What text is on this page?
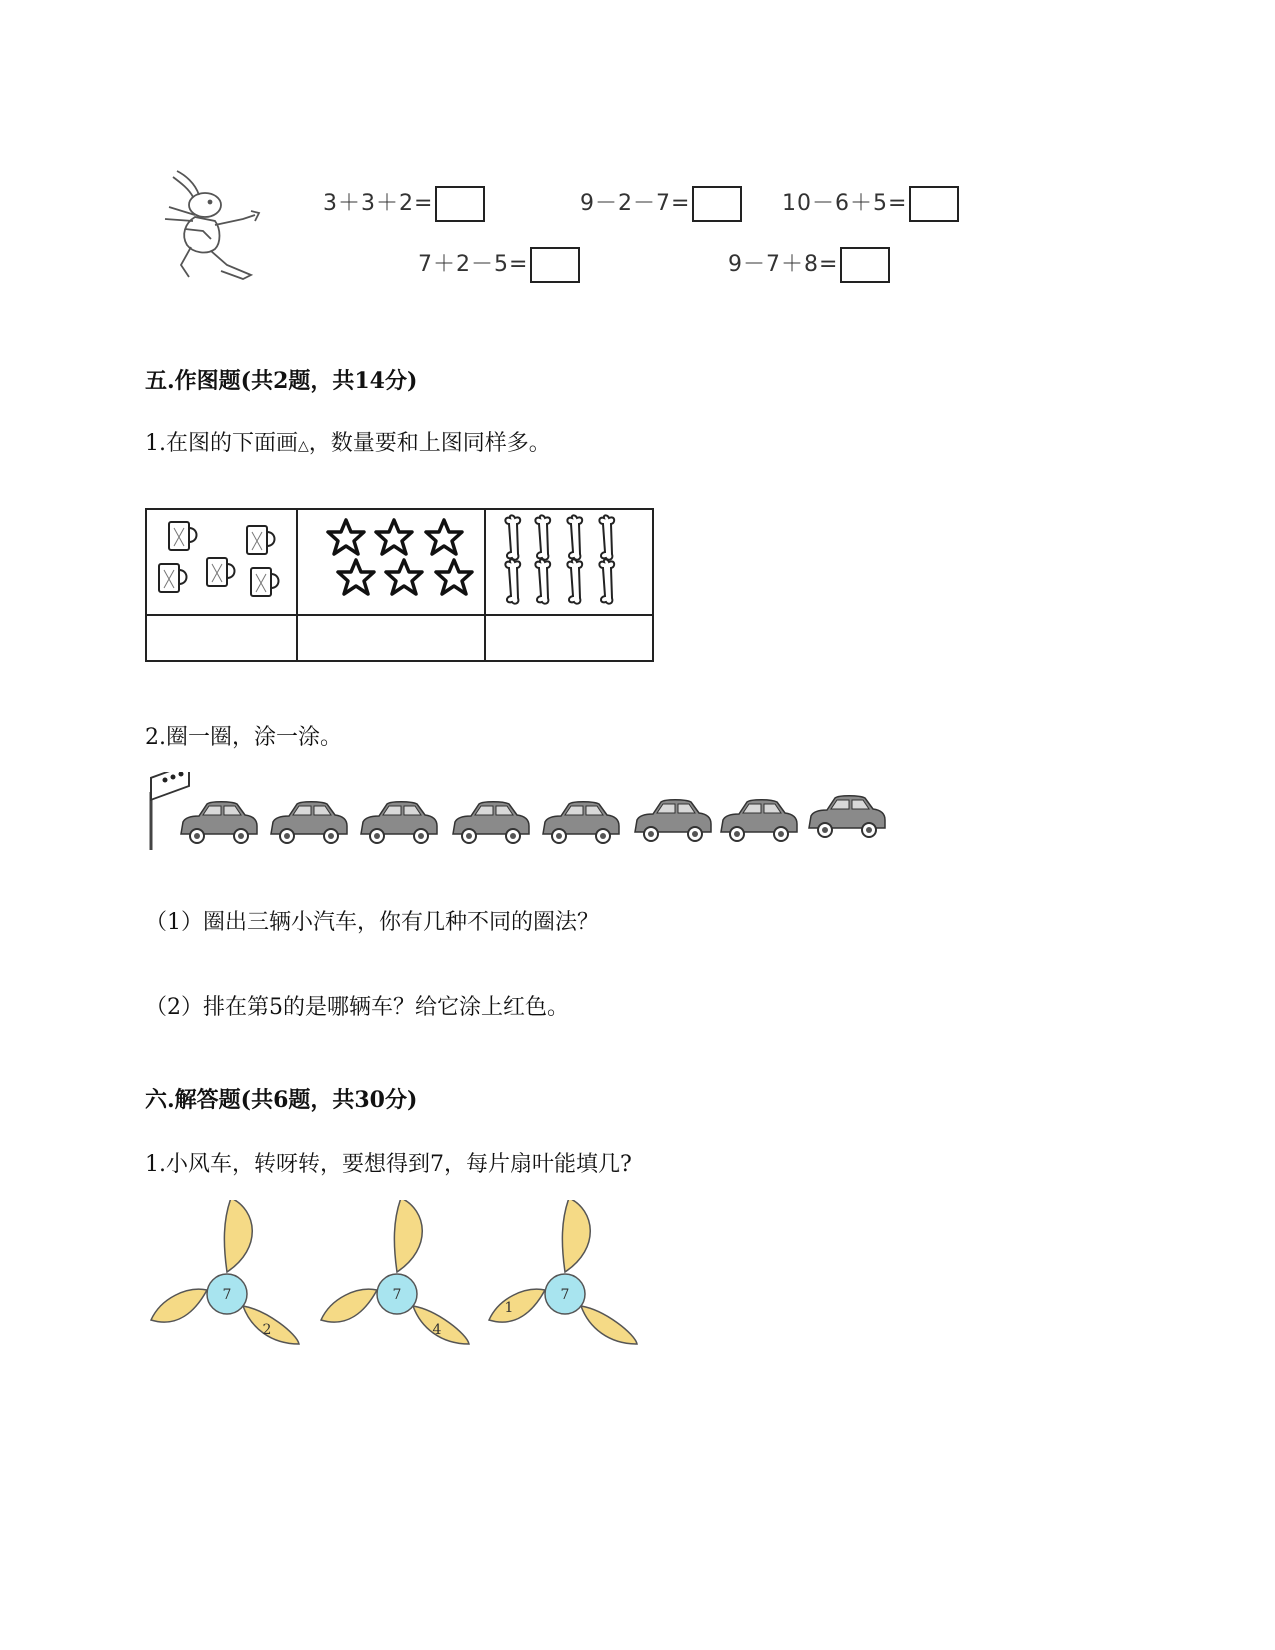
3＋3＋2=	9－2－7=	10－6＋5=
7＋2－5=	9－7＋8=
五.作图题(共2题，共14分)
1.在图的下面画△，数量要和上图同样多。

2.圈一圈，涂一涂。
（1）圈出三辆小汽车，你有几种不同的圈法？
（2）排在第5的是哪辆车？给它涂上红色。
六.解答题(共6题，共30分)
1.小风车，转呀转，要想得到7，每片扇叶能填几?
7
2
7
4
7
1
